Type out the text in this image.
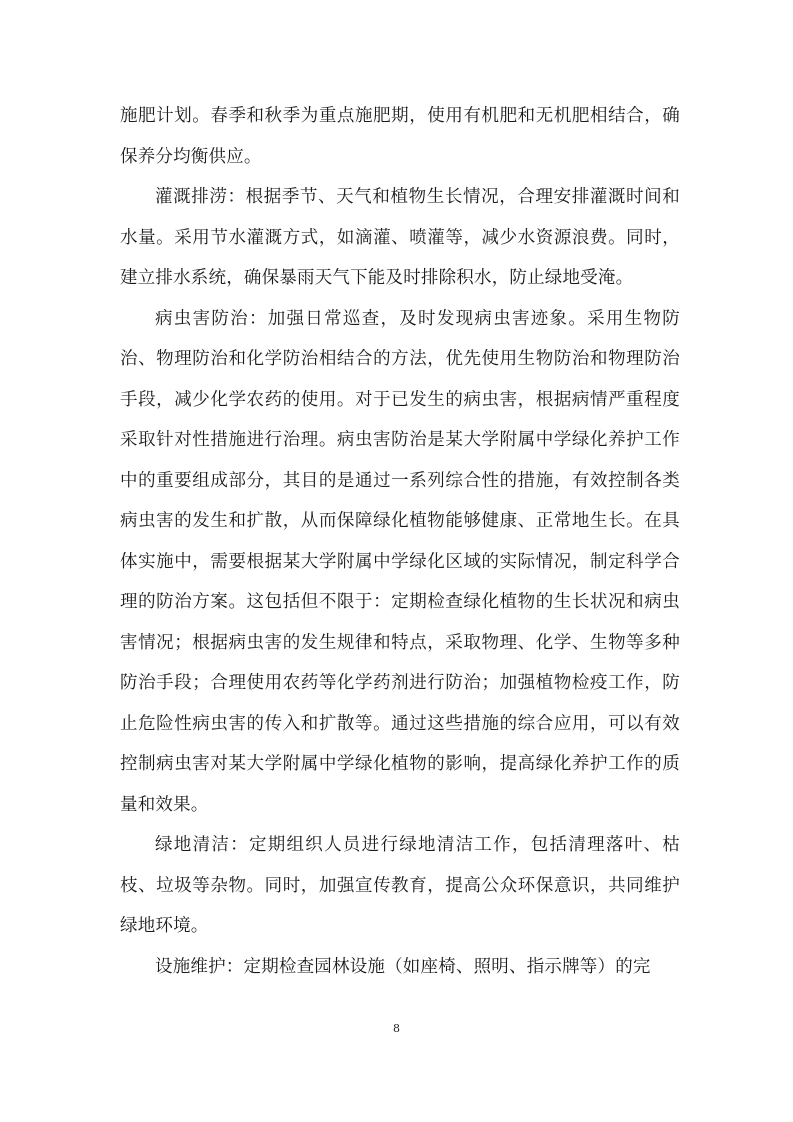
施肥计划。春季和秋季为重点施肥期，使用有机肥和无机肥相结合，确保养分均衡供应。

灌溉排涝：根据季节、天气和植物生长情况，合理安排灌溉时间和水量。采用节水灌溉方式，如滴灌、喷灌等，减少水资源浪费。同时，建立排水系统，确保暴雨天气下能及时排除积水，防止绿地受淹。

病虫害防治：加强日常巡查，及时发现病虫害迹象。采用生物防治、物理防治和化学防治相结合的方法，优先使用生物防治和物理防治手段，减少化学农药的使用。对于已发生的病虫害，根据病情严重程度采取针对性措施进行治理。病虫害防治是某大学附属中学绿化养护工作中的重要组成部分，其目的是通过一系列综合性的措施，有效控制各类病虫害的发生和扩散，从而保障绿化植物能够健康、正常地生长。在具体实施中，需要根据某大学附属中学绿化区域的实际情况，制定科学合理的防治方案。这包括但不限于：定期检查绿化植物的生长状况和病虫害情况；根据病虫害的发生规律和特点，采取物理、化学、生物等多种防治手段；合理使用农药等化学药剂进行防治；加强植物检疫工作，防止危险性病虫害的传入和扩散等。通过这些措施的综合应用，可以有效控制病虫害对某大学附属中学绿化植物的影响，提高绿化养护工作的质量和效果。

绿地清洁：定期组织人员进行绿地清洁工作，包括清理落叶、枯枝、垃圾等杂物。同时，加强宣传教育，提高公众环保意识，共同维护绿地环境。

设施维护：定期检查园林设施（如座椅、照明、指示牌等）的完

8
